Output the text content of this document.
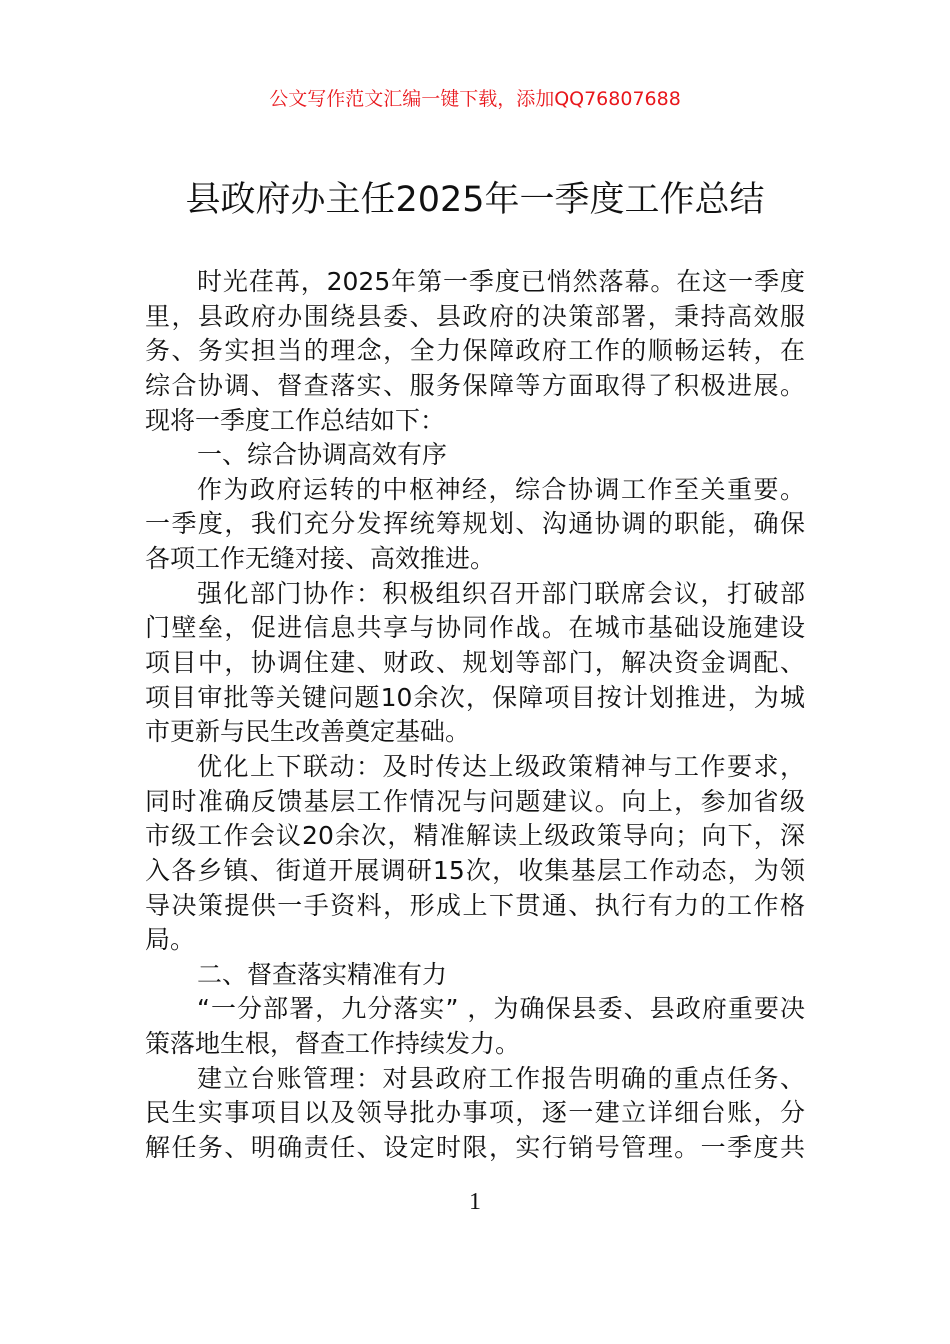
公文写作范文汇编一键下载，添加QQ76807688
县政府办主任2025年一季度工作总结
时光荏苒，2025年第一季度已悄然落幕。在这一季度
里，县政府办围绕县委、县政府的决策部署，秉持高效服
务、务实担当的理念，全力保障政府工作的顺畅运转，在
综合协调、督查落实、服务保障等方面取得了积极进展。
现将一季度工作总结如下：
一、综合协调高效有序
作为政府运转的中枢神经，综合协调工作至关重要。
一季度，我们充分发挥统筹规划、沟通协调的职能，确保
各项工作无缝对接、高效推进。
强化部门协作：积极组织召开部门联席会议，打破部
门壁垒，促进信息共享与协同作战。在城市基础设施建设
项目中，协调住建、财政、规划等部门，解决资金调配、
项目审批等关键问题10余次，保障项目按计划推进，为城
市更新与民生改善奠定基础。
优化上下联动：及时传达上级政策精神与工作要求，
同时准确反馈基层工作情况与问题建议。向上，参加省级
市级工作会议20余次，精准解读上级政策导向；向下，深
入各乡镇、街道开展调研15次，收集基层工作动态，为领
导决策提供一手资料，形成上下贯通、执行有力的工作格
局。
二、督查落实精准有力
“一分部署，九分落实” ，为确保县委、县政府重要决
策落地生根，督查工作持续发力。
建立台账管理：对县政府工作报告明确的重点任务、
民生实事项目以及领导批办事项，逐一建立详细台账，分
解任务、明确责任、设定时限，实行销号管理。一季度共
1
